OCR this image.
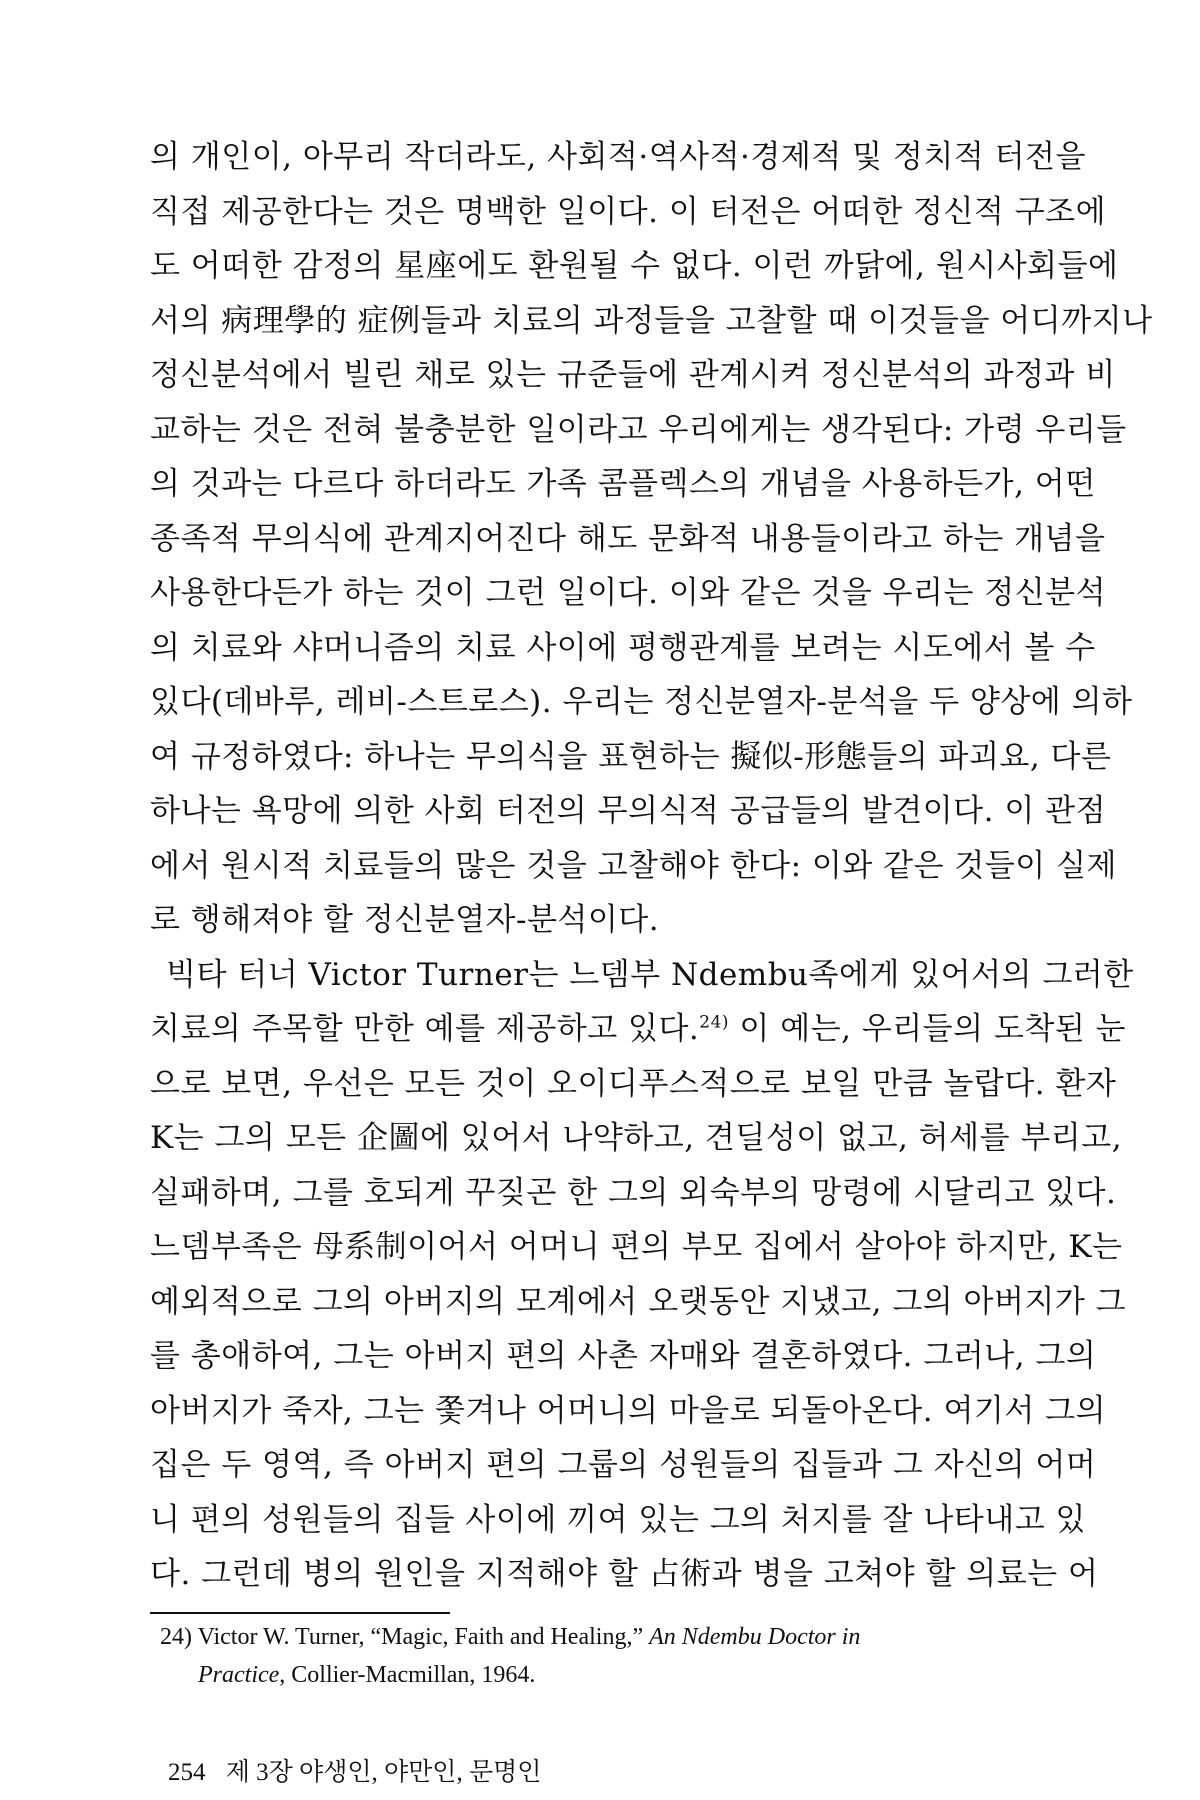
의 개인이, 아무리 작더라도, 사회적·역사적·경제적 및 정치적 터전을
직접 제공한다는 것은 명백한 일이다. 이 터전은 어떠한 정신적 구조에
도 어떠한 감정의 星座에도 환원될 수 없다. 이런 까닭에, 원시사회들에
서의 病理學的 症例들과 치료의 과정들을 고찰할 때 이것들을 어디까지나
정신분석에서 빌린 채로 있는 규준들에 관계시켜 정신분석의 과정과 비
교하는 것은 전혀 불충분한 일이라고 우리에게는 생각된다: 가령 우리들
의 것과는 다르다 하더라도 가족 콤플렉스의 개념을 사용하든가, 어떤
종족적 무의식에 관계지어진다 해도 문화적 내용들이라고 하는 개념을
사용한다든가 하는 것이 그런 일이다. 이와 같은 것을 우리는 정신분석
의 치료와 샤머니즘의 치료 사이에 평행관계를 보려는 시도에서 볼 수
있다(데바루, 레비-스트로스). 우리는 정신분열자-분석을 두 양상에 의하
여 규정하였다: 하나는 무의식을 표현하는 擬似-形態들의 파괴요, 다른
하나는 욕망에 의한 사회 터전의 무의식적 공급들의 발견이다. 이 관점
에서 원시적 치료들의 많은 것을 고찰해야 한다: 이와 같은 것들이 실제
로 행해져야 할 정신분열자-분석이다.
빅타 터너 Victor Turner는 느뎀부 Ndembu족에게 있어서의 그러한
치료의 주목할 만한 예를 제공하고 있다.$^{24)}$ 이 예는, 우리들의 도착된 눈
으로 보면, 우선은 모든 것이 오이디푸스적으로 보일 만큼 놀랍다. 환자
K는 그의 모든 企圖에 있어서 나약하고, 견딜성이 없고, 허세를 부리고,
실패하며, 그를 호되게 꾸짖곤 한 그의 외숙부의 망령에 시달리고 있다.
느뎀부족은 母系制이어서 어머니 편의 부모 집에서 살아야 하지만, K는
예외적으로 그의 아버지의 모계에서 오랫동안 지냈고, 그의 아버지가 그
를 총애하여, 그는 아버지 편의 사촌 자매와 결혼하였다. 그러나, 그의
아버지가 죽자, 그는 쫓겨나 어머니의 마을로 되돌아온다. 여기서 그의
집은 두 영역, 즉 아버지 편의 그룹의 성원들의 집들과 그 자신의 어머
니 편의 성원들의 집들 사이에 끼여 있는 그의 처지를 잘 나타내고 있
다. 그런데 병의 원인을 지적해야 할 占術과 병을 고쳐야 할 의료는 어
24) Victor W. Turner, “Magic, Faith and Healing,” An Ndembu Doctor in
Practice, Collier-Macmillan, 1964.
254 제 3장 야생인, 야만인, 문명인
